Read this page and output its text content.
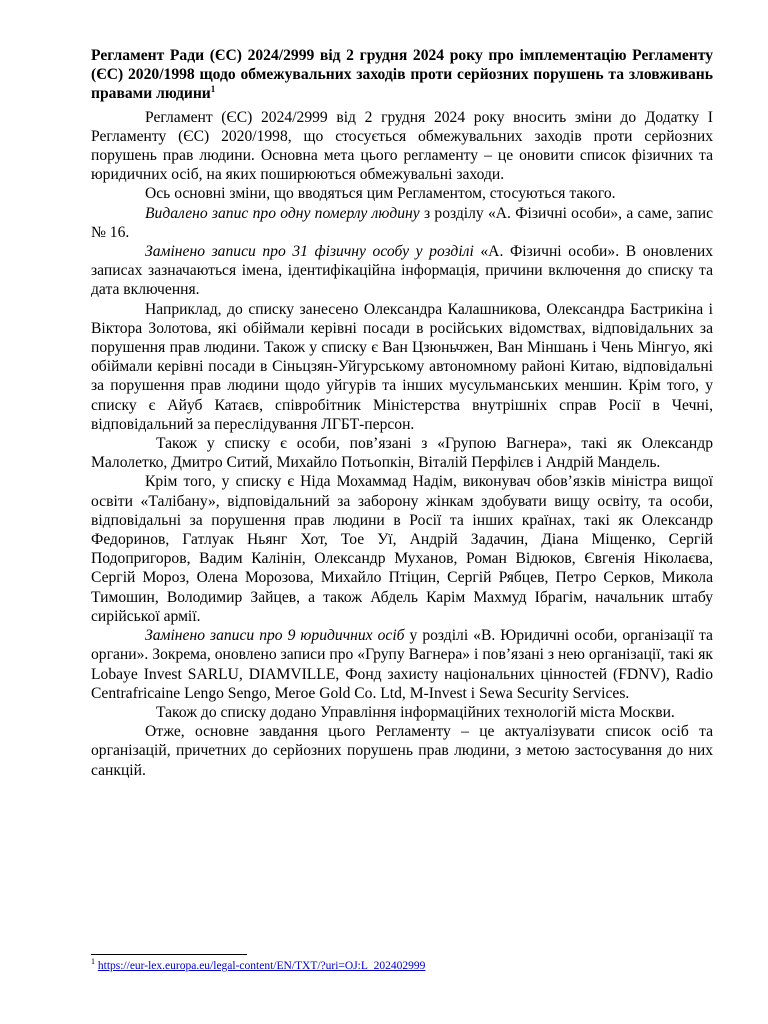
Регламент Ради (ЄС) 2024/2999 від 2 грудня 2024 року про імплементацію Регламенту (ЄС) 2020/1998 щодо обмежувальних заходів проти серйозних порушень та зловживань правами людини$^1$

Регламент (ЄС) 2024/2999 від 2 грудня 2024 року вносить зміни до Додатку I Регламенту (ЄС) 2020/1998, що стосується обмежувальних заходів проти серйозних порушень прав людини. Основна мета цього регламенту – це оновити список фізичних та юридичних осіб, на яких поширюються обмежувальні заходи.

Ось основні зміни, що вводяться цим Регламентом, стосуються такого.

Видалено запис про одну померлу людину з розділу «A. Фізичні особи», а саме, запис № 16.

Замінено записи про 31 фізичну особу у розділі «A. Фізичні особи». В оновлених записах зазначаються імена, ідентифікаційна інформація, причини включення до списку та дата включення.

Наприклад, до списку занесено Олександра Калашникова, Олександра Бастрикіна і Віктора Золотова, які обіймали керівні посади в російських відомствах, відповідальних за порушення прав людини. Також у списку є Ван Цзюньчжен, Ван Міншань і Чень Мінгуо, які обіймали керівні посади в Сіньцзян-Уйгурському автономному районі Китаю, відповідальні за порушення прав людини щодо уйгурів та інших мусульманських меншин. Крім того, у списку є Айуб Катаєв, співробітник Міністерства внутрішніх справ Росії в Чечні, відповідальний за переслідування ЛГБТ-персон.

Також у списку є особи, пов’язані з «Групою Вагнера», такі як Олександр Малолетко, Дмитро Ситий, Михайло Потьопкін, Віталій Перфілєв і Андрій Мандель.

Крім того, у списку є Ніда Мохаммад Надім, виконувач обов’язків міністра вищої освіти «Талібану», відповідальний за заборону жінкам здобувати вищу освіту, та особи, відповідальні за порушення прав людини в Росії та інших країнах, такі як Олександр Федоринов, Гатлуак Ньянг Хот, Тое Уї, Андрій Задачин, Діана Міщенко, Сергій Подопригоров, Вадим Калінін, Олександр Муханов, Роман Відюков, Євгенія Ніколаєва, Сергій Мороз, Олена Морозова, Михайло Птіцин, Сергій Рябцев, Петро Серков, Микола Тимошин, Володимир Зайцев, а також Абдель Карім Махмуд Ібрагім, начальник штабу сирійської армії.

Замінено записи про 9 юридичних осіб у розділі «B. Юридичні особи, організації та органи». Зокрема, оновлено записи про «Групу Вагнера» і пов’язані з нею організації, такі як Lobaye Invest SARLU, DIAMVILLE, Фонд захисту національних цінностей (FDNV), Radio Centrafricaine Lengo Sengo, Meroe Gold Co. Ltd, M-Invest і Sewa Security Services.

Також до списку додано Управління інформаційних технологій міста Москви.

Отже, основне завдання цього Регламенту – це актуалізувати список осіб та організацій, причетних до серйозних порушень прав людини, з метою застосування до них санкцій.

$^1$ https://eur-lex.europa.eu/legal-content/EN/TXT/?uri=OJ:L_202402999
